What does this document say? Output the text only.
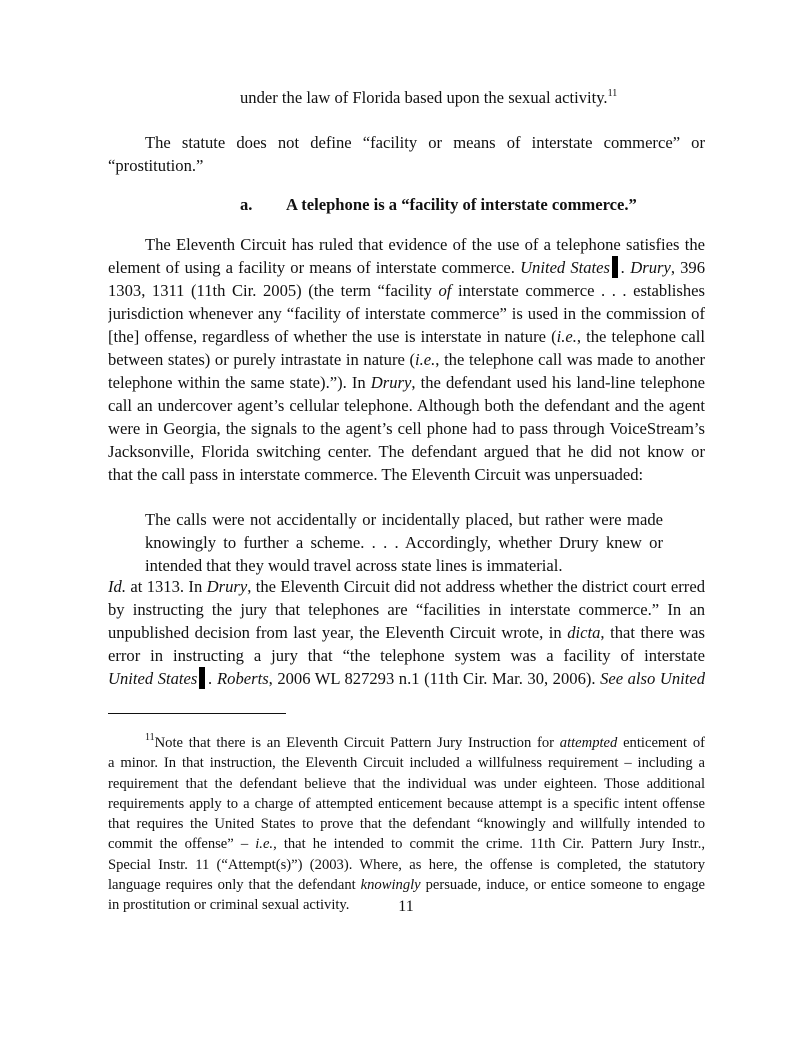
under the law of Florida based upon the sexual activity.$^{11}$
The statute does not define “facility or means of interstate commerce” or
“prostitution.”
a. A telephone is a “facility of interstate commerce.”
The Eleventh Circuit has ruled that evidence of the use of a telephone satisfies the
element of using a facility or means of interstate commerce. United States . Drury, 396
1303, 1311 (11th Cir. 2005) (the term “facility of interstate commerce . . . establishes
jurisdiction whenever any “facility of interstate commerce” is used in the commission of
[the] offense, regardless of whether the use is interstate in nature (i.e., the telephone call
between states) or purely intrastate in nature (i.e., the telephone call was made to another
telephone within the same state).”). In Drury, the defendant used his land-line telephone
call an undercover agent’s cellular telephone. Although both the defendant and the agent
were in Georgia, the signals to the agent’s cell phone had to pass through VoiceStream’s
Jacksonville, Florida switching center. The defendant argued that he did not know or
that the call pass in interstate commerce. The Eleventh Circuit was unpersuaded:
The calls were not accidentally or incidentally placed, but rather were made
knowingly to further a scheme. . . . Accordingly, whether Drury knew or
intended that they would travel across state lines is immaterial.
Id. at 1313. In Drury, the Eleventh Circuit did not address whether the district court erred
by instructing the jury that telephones are “facilities in interstate commerce.” In an
unpublished decision from last year, the Eleventh Circuit wrote, in dicta, that there was
error in instructing a jury that “the telephone system was a facility of interstate
United States . Roberts, 2006 WL 827293 n.1 (11th Cir. Mar. 30, 2006). See also United
$^{11}$Note that there is an Eleventh Circuit Pattern Jury Instruction for attempted enticement of
a minor. In that instruction, the Eleventh Circuit included a willfulness requirement – including a
requirement that the defendant believe that the individual was under eighteen. Those additional
requirements apply to a charge of attempted enticement because attempt is a specific intent offense
that requires the United States to prove that the defendant “knowingly and willfully intended to
commit the offense” – i.e., that he intended to commit the crime. 11th Cir. Pattern Jury Instr.,
Special Instr. 11 (“Attempt(s)”) (2003). Where, as here, the offense is completed, the statutory
language requires only that the defendant knowingly persuade, induce, or entice someone to engage
in prostitution or criminal sexual activity.	11
